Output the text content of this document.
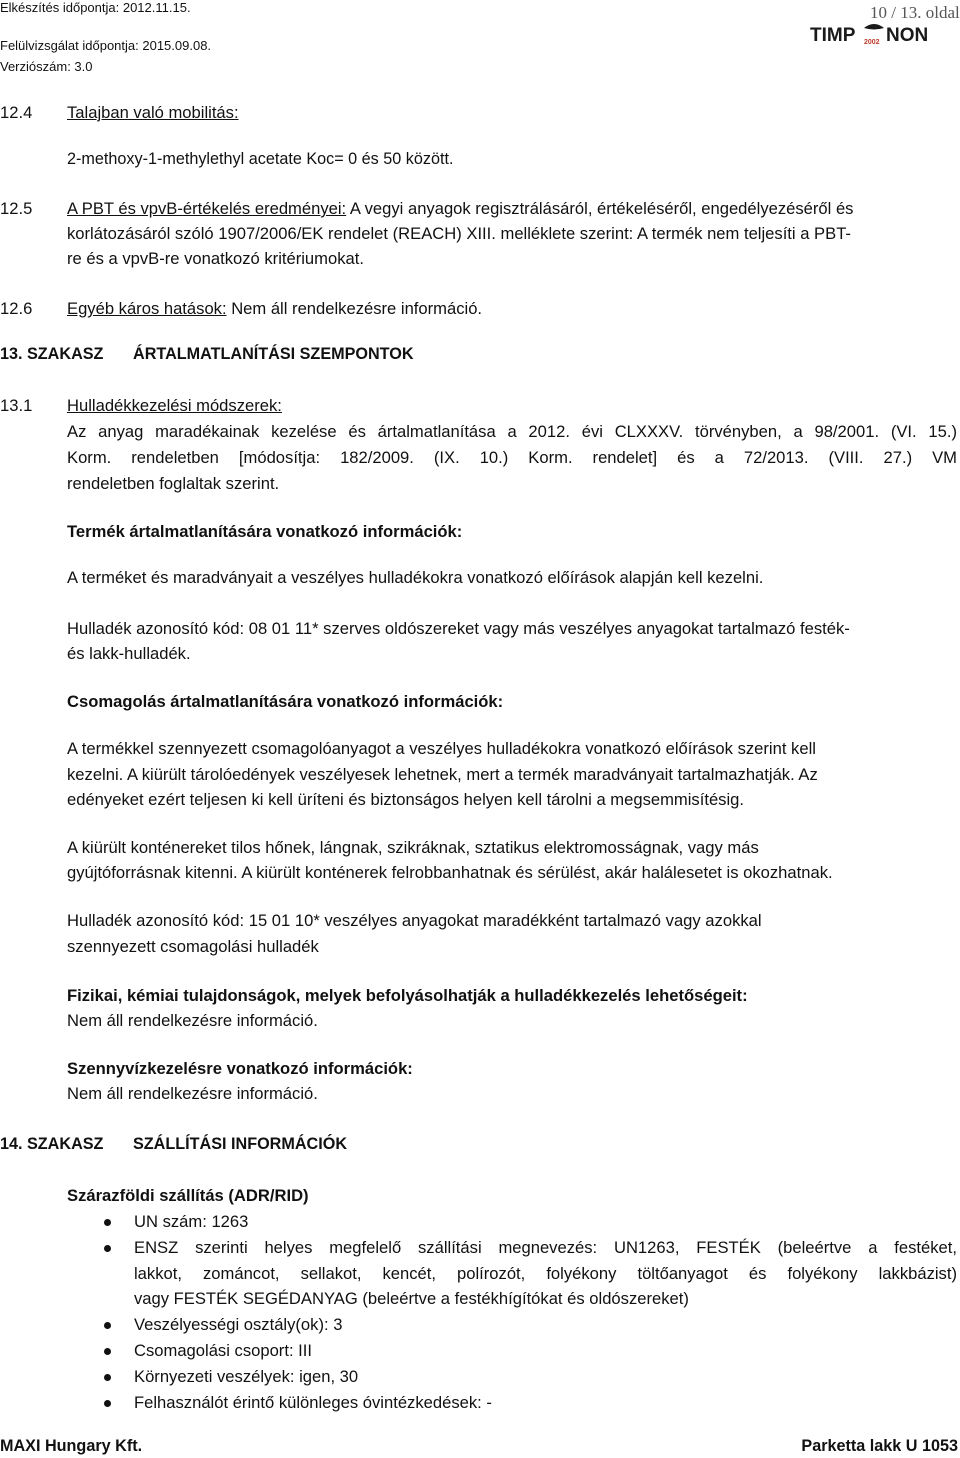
Elkészítés időpontja: 2012.11.15.	10 / 13. oldal
Felülvizsgálat időpontja: 2015.09.08.
Verziószám: 3.0
TIMP 2002 NON
12.4 Talajban való mobilitás:
2-methoxy-1-methylethyl acetate Koc= 0 és 50 között.
12.5 A PBT és vpvB-értékelés eredményei: A vegyi anyagok regisztrálásáról, értékeléséről, engedélyezéséről és
korlátozásáról szóló 1907/2006/EK rendelet (REACH) XIII. melléklete szerint: A termék nem teljesíti a PBT-
re és a vpvB-re vonatkozó kritériumokat.
12.6 Egyéb káros hatások: Nem áll rendelkezésre információ.
13. SZAKASZ ÁRTALMATLANÍTÁSI SZEMPONTOK
13.1 Hulladékkezelési módszerek:
Az anyag maradékainak kezelése és ártalmatlanítása a 2012. évi CLXXXV. törvényben, a 98/2001. (VI. 15.)
Korm. rendeletben [módosítja: 182/2009. (IX. 10.) Korm. rendelet] és a 72/2013. (VIII. 27.) VM
rendeletben foglaltak szerint.
Termék ártalmatlanítására vonatkozó információk:
A terméket és maradványait a veszélyes hulladékokra vonatkozó előírások alapján kell kezelni.
Hulladék azonosító kód: 08 01 11* szerves oldószereket vagy más veszélyes anyagokat tartalmazó festék-
és lakk-hulladék.
Csomagolás ártalmatlanítására vonatkozó információk:
A termékkel szennyezett csomagolóanyagot a veszélyes hulladékokra vonatkozó előírások szerint kell
kezelni. A kiürült tárolóedények veszélyesek lehetnek, mert a termék maradványait tartalmazhatják. Az
edényeket ezért teljesen ki kell üríteni és biztonságos helyen kell tárolni a megsemmisítésig.
A kiürült konténereket tilos hőnek, lángnak, szikráknak, sztatikus elektromosságnak, vagy más
gyújtóforrásnak kitenni. A kiürült konténerek felrobbanhatnak és sérülést, akár halálesetet is okozhatnak.
Hulladék azonosító kód: 15 01 10* veszélyes anyagokat maradékként tartalmazó vagy azokkal
szennyezett csomagolási hulladék
Fizikai, kémiai tulajdonságok, melyek befolyásolhatják a hulladékkezelés lehetőségeit:
Nem áll rendelkezésre információ.
Szennyvízkezelésre vonatkozó információk:
Nem áll rendelkezésre információ.
14. SZAKASZ SZÁLLÍTÁSI INFORMÁCIÓK
Szárazföldi szállítás (ADR/RID)
UN szám: 1263
ENSZ szerinti helyes megfelelő szállítási megnevezés: UN1263, FESTÉK (beleértve a festéket,
lakkot, zománcot, sellakot, kencét, polírozót, folyékony töltőanyagot és folyékony lakkbázist)
vagy FESTÉK SEGÉDANYAG (beleértve a festékhígítókat és oldószereket)
Veszélyességi osztály(ok): 3
Csomagolási csoport: III
Környezeti veszélyek: igen, 30
Felhasználót érintő különleges óvintézkedések: -
MAXI Hungary Kft.	Parketta lakk U 1053
